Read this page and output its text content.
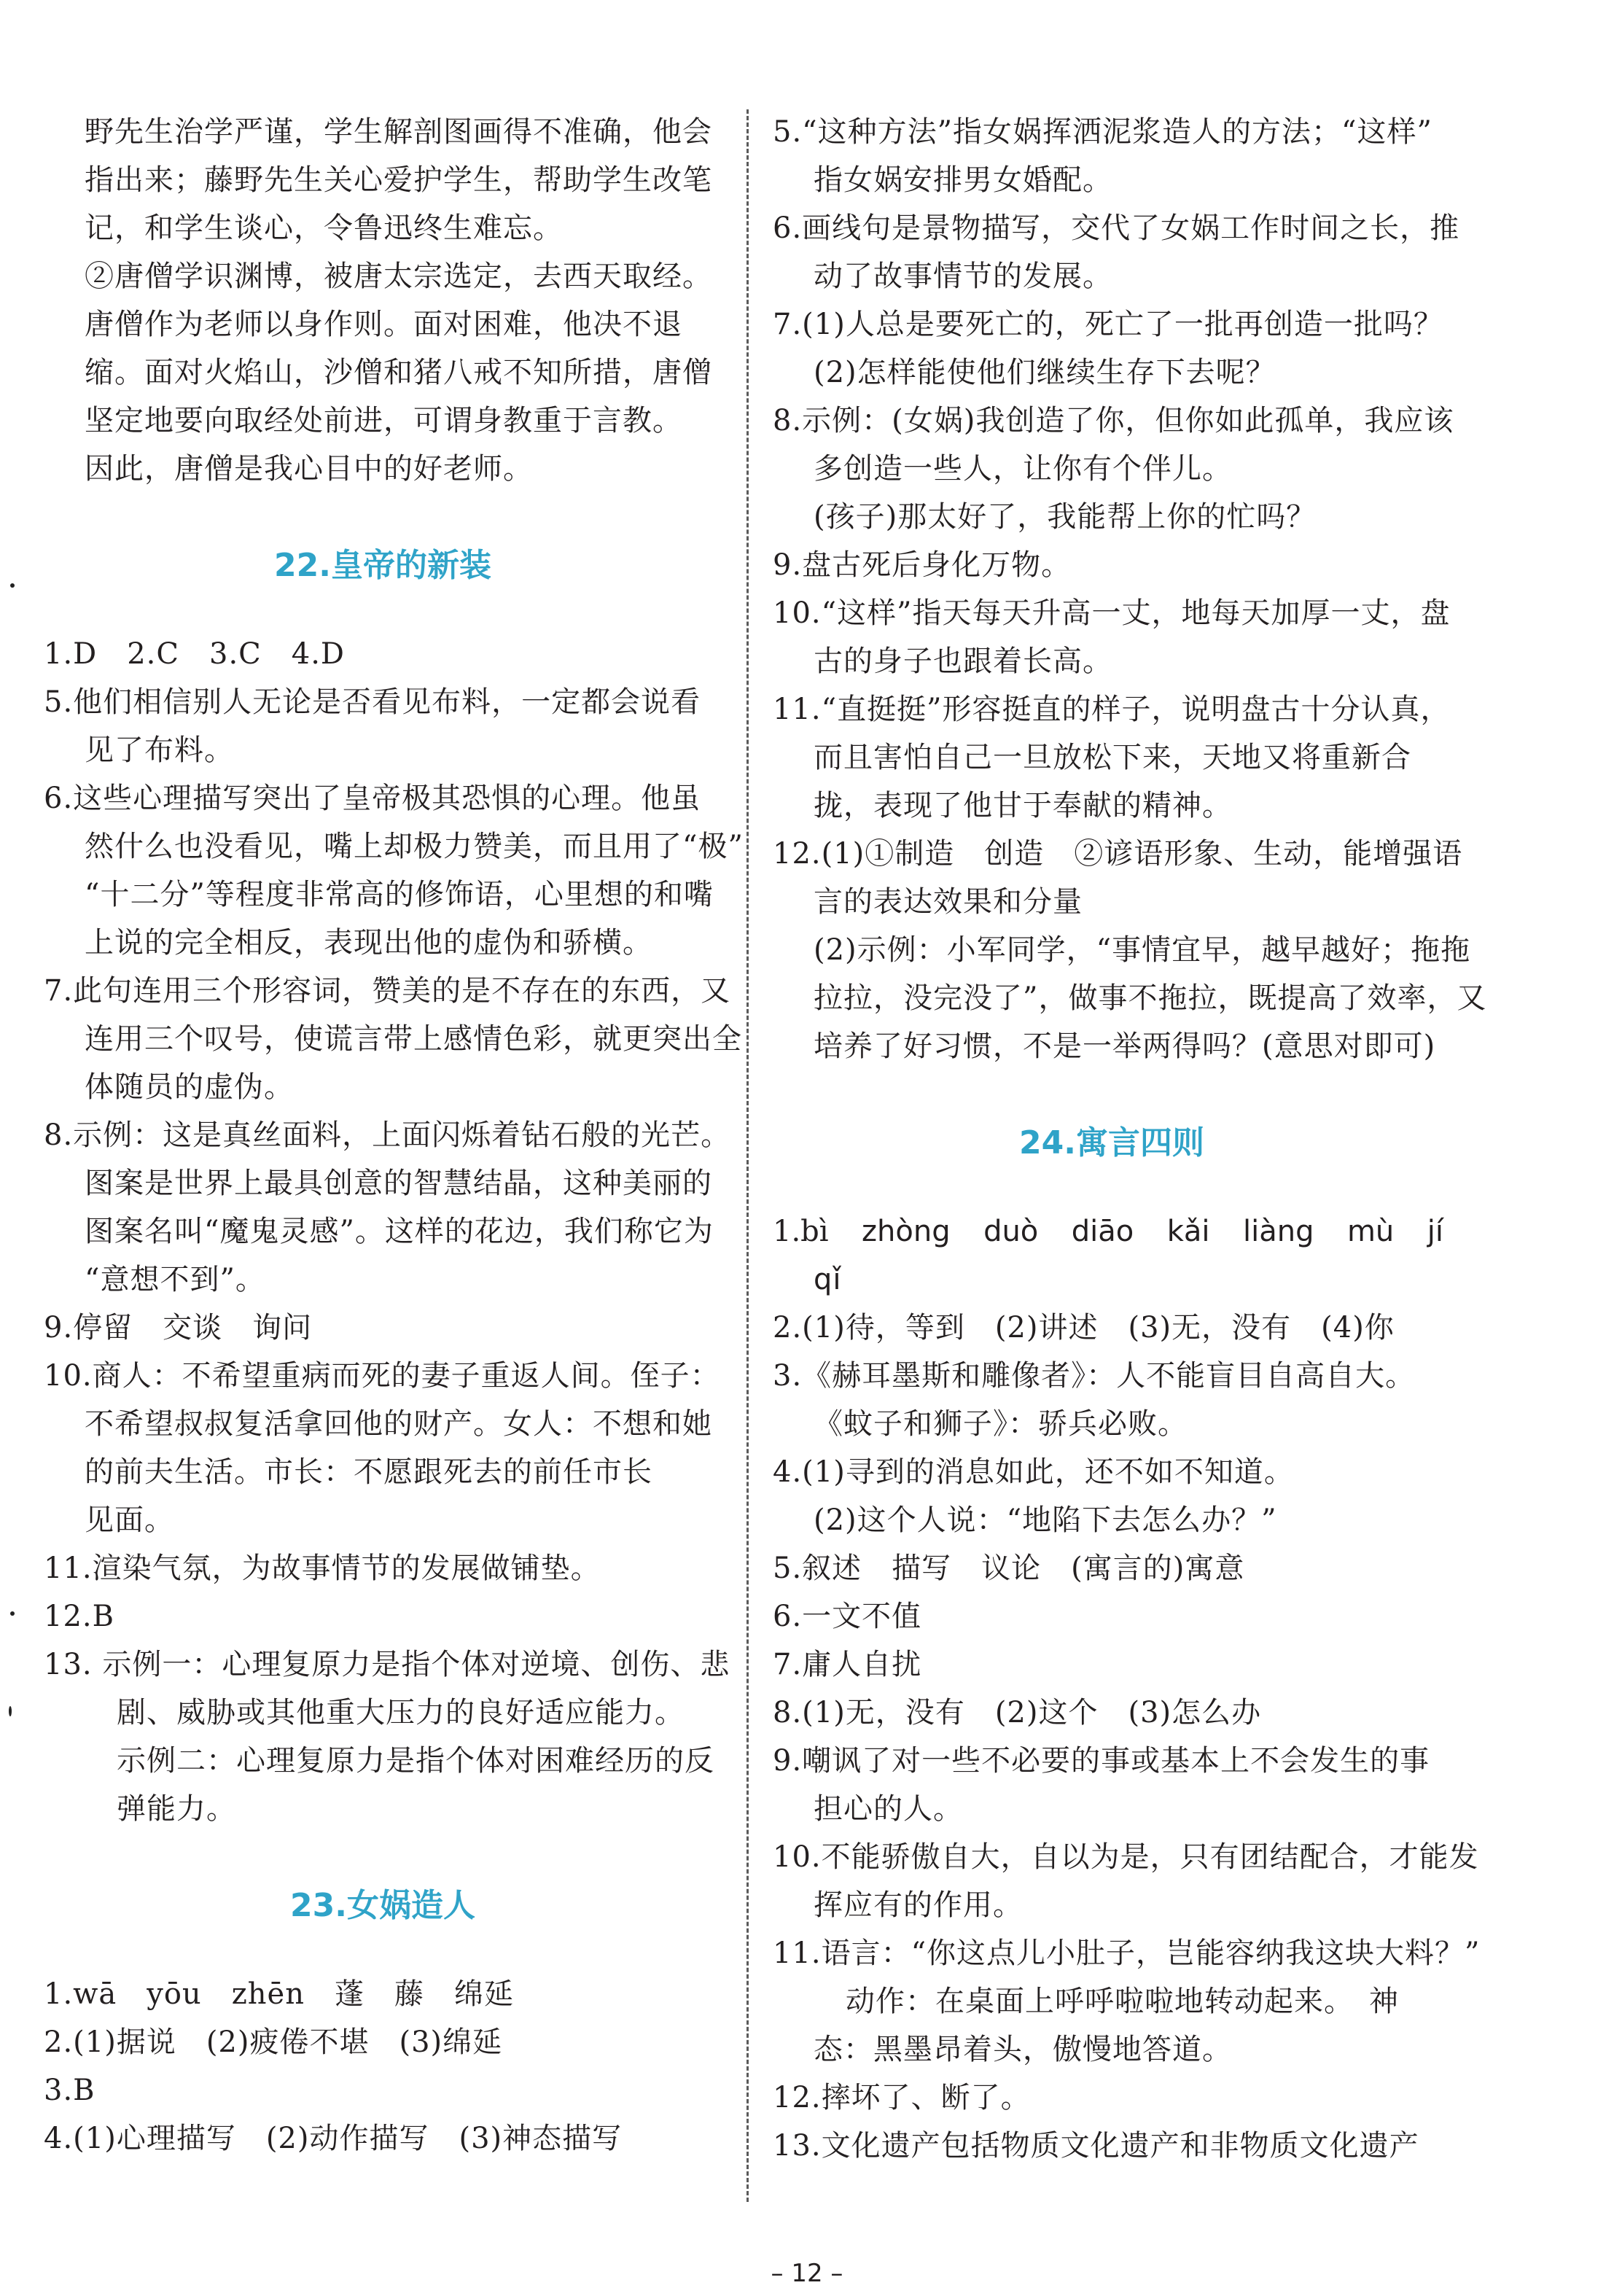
野先生治学严谨，学生解剖图画得不准确，他会
指出来；藤野先生关心爱护学生，帮助学生改笔
记，和学生谈心，令鲁迅终生难忘。
②唐僧学识渊博，被唐太宗选定，去西天取经。
唐僧作为老师以身作则。面对困难，他决不退
缩。面对火焰山，沙僧和猪八戒不知所措，唐僧
坚定地要向取经处前进，可谓身教重于言教。
因此，唐僧是我心目中的好老师。
22.皇帝的新装
1.D　2.C　3.C　4.D
5.他们相信别人无论是否看见布料，一定都会说看
见了布料。
6.这些心理描写突出了皇帝极其恐惧的心理。他虽
然什么也没看见，嘴上却极力赞美，而且用了“极”
“十二分”等程度非常高的修饰语，心里想的和嘴
上说的完全相反，表现出他的虚伪和骄横。
7.此句连用三个形容词，赞美的是不存在的东西，又
连用三个叹号，使谎言带上感情色彩，就更突出全
体随员的虚伪。
8.示例：这是真丝面料，上面闪烁着钻石般的光芒。
图案是世界上最具创意的智慧结晶，这种美丽的
图案名叫“魔鬼灵感”。这样的花边，我们称它为
“意想不到”。
9.停留　交谈　询问
10.商人：不希望重病而死的妻子重返人间。侄子：
不希望叔叔复活拿回他的财产。女人：不想和她
的前夫生活。市长：不愿跟死去的前任市长
见面。
11.渲染气氛，为故事情节的发展做铺垫。
12.B
13. 示例一：心理复原力是指个体对逆境、创伤、悲
剧、威胁或其他重大压力的良好适应能力。
示例二：心理复原力是指个体对困难经历的反
弹能力。
23.女娲造人
1.wā　yōu　zhēn　蓬　藤　绵延
2.(1)据说　(2)疲倦不堪　(3)绵延
3.B
4.(1)心理描写　(2)动作描写　(3)神态描写
5.“这种方法”指女娲挥洒泥浆造人的方法；“这样”
指女娲安排男女婚配。
6.画线句是景物描写，交代了女娲工作时间之长，推
动了故事情节的发展。
7.(1)人总是要死亡的，死亡了一批再创造一批吗？
(2)怎样能使他们继续生存下去呢？
8.示例：(女娲)我创造了你，但你如此孤单，我应该
多创造一些人，让你有个伴儿。
(孩子)那太好了，我能帮上你的忙吗？
9.盘古死后身化万物。
10.“这样”指天每天升高一丈，地每天加厚一丈，盘
古的身子也跟着长高。
11.“直挺挺”形容挺直的样子，说明盘古十分认真，
而且害怕自己一旦放松下来，天地又将重新合
拢，表现了他甘于奉献的精神。
12.(1)①制造　创造　②谚语形象、生动，能增强语
言的表达效果和分量
(2)示例：小军同学，“事情宜早，越早越好；拖拖
拉拉，没完没了”，做事不拖拉，既提高了效率，又
培养了好习惯，不是一举两得吗？(意思对即可)
24.寓言四则
1.bì zhòng duò diāo kǎi liàng mù jí
qǐ
2.(1)待，等到　(2)讲述　(3)无，没有　(4)你
3.《赫耳墨斯和雕像者》：人不能盲目自高自大。
《蚊子和狮子》：骄兵必败。
4.(1)寻到的消息如此，还不如不知道。
(2)这个人说：“地陷下去怎么办？”
5.叙述　描写　议论　(寓言的)寓意
6.一文不值
7.庸人自扰
8.(1)无，没有　(2)这个　(3)怎么办
9.嘲讽了对一些不必要的事或基本上不会发生的事
担心的人。
10.不能骄傲自大，自以为是，只有团结配合，才能发
挥应有的作用。
11.语言：“你这点儿小肚子，岂能容纳我这块大料？”
动作：在桌面上呼呼啦啦地转动起来。　神
态：黑墨昂着头，傲慢地答道。
12.摔坏了、断了。
13.文化遗产包括物质文化遗产和非物质文化遗产
– 12 –
